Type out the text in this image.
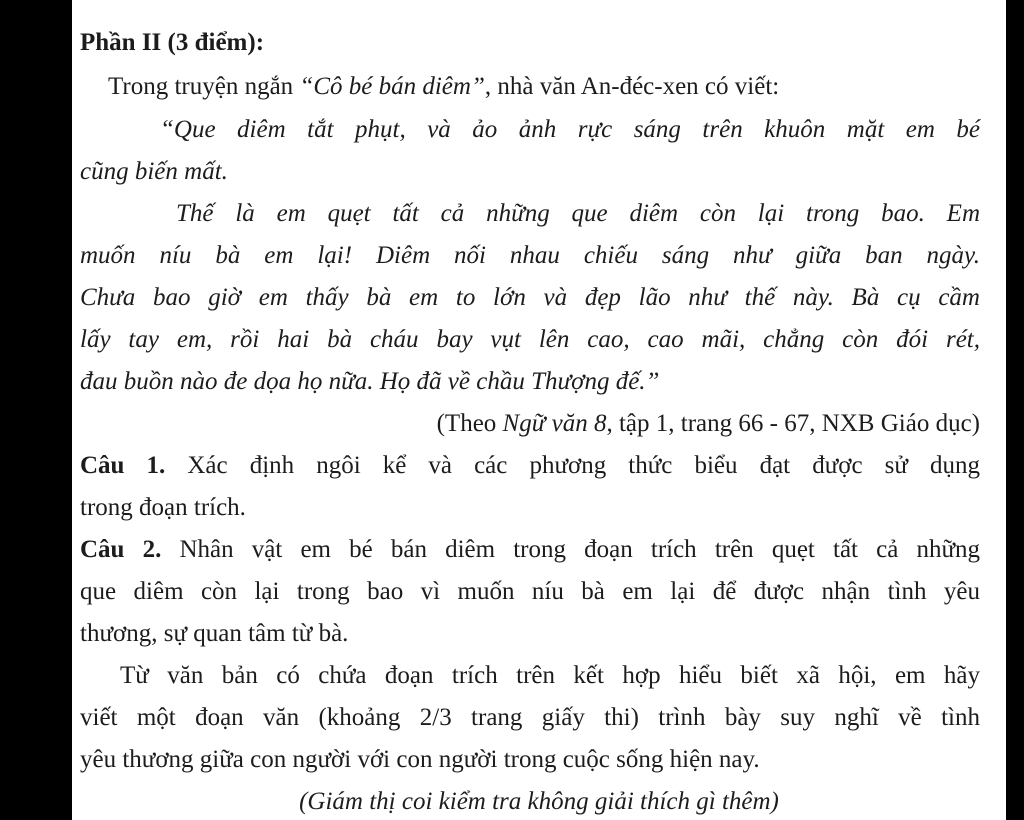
Phần II (3 điểm):
Trong truyện ngắn “Cô bé bán diêm”, nhà văn An-đéc-xen có viết:
“Que diêm tắt phụt, và ảo ảnh rực sáng trên khuôn mặt em bé
cũng biến mất.
Thế là em quẹt tất cả những que diêm còn lại trong bao. Em
muốn níu bà em lại! Diêm nối nhau chiếu sáng như giữa ban ngày.
Chưa bao giờ em thấy bà em to lớn và đẹp lão như thế này. Bà cụ cầm
lấy tay em, rồi hai bà cháu bay vụt lên cao, cao mãi, chẳng còn đói rét,
đau buồn nào đe dọa họ nữa. Họ đã về chầu Thượng đế.”
(Theo Ngữ văn 8, tập 1, trang 66 - 67, NXB Giáo dục)
Câu 1. Xác định ngôi kể và các phương thức biểu đạt được sử dụng
trong đoạn trích.
Câu 2. Nhân vật em bé bán diêm trong đoạn trích trên quẹt tất cả những
que diêm còn lại trong bao vì muốn níu bà em lại để được nhận tình yêu
thương, sự quan tâm từ bà.
Từ văn bản có chứa đoạn trích trên kết hợp hiểu biết xã hội, em hãy
viết một đoạn văn (khoảng 2/3 trang giấy thi) trình bày suy nghĩ về tình
yêu thương giữa con người với con người trong cuộc sống hiện nay.
(Giám thị coi kiểm tra không giải thích gì thêm)
